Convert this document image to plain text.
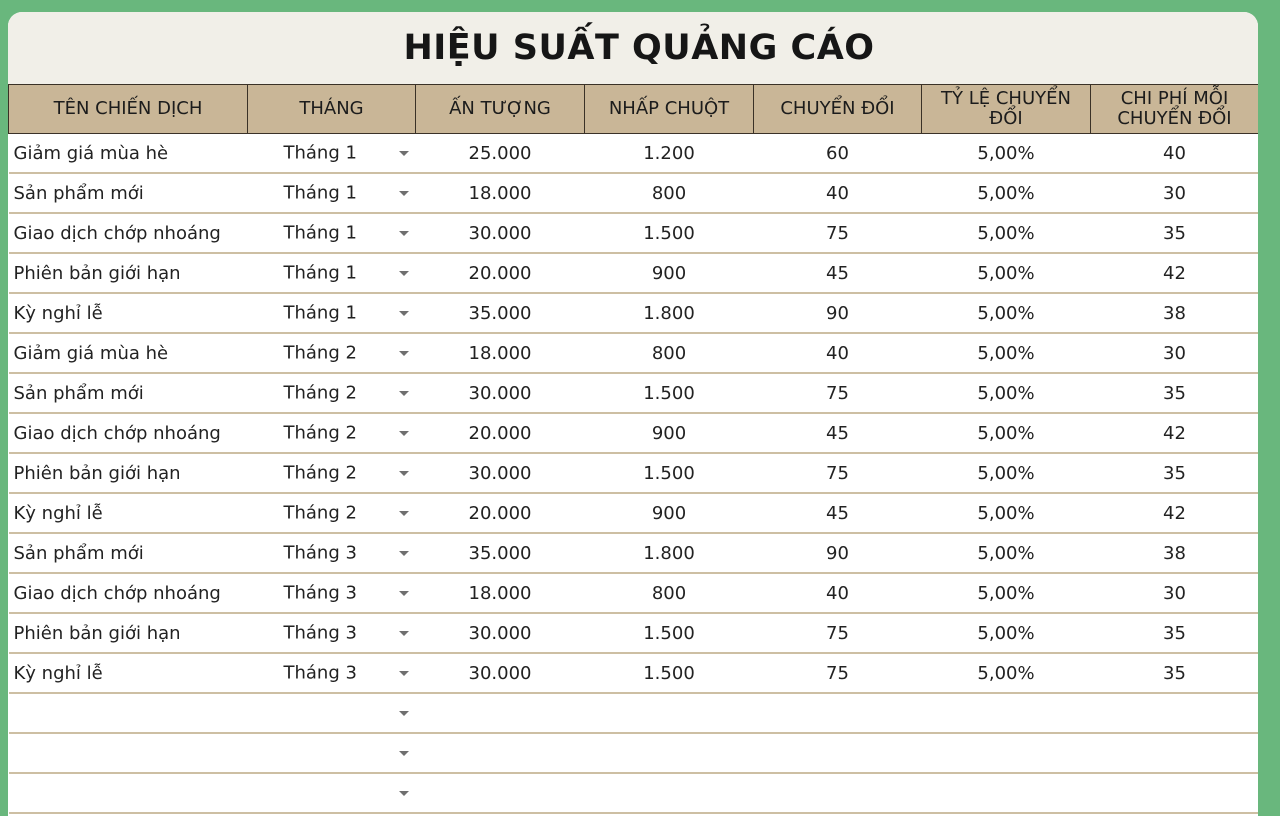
HIỆU SUẤT QUẢNG CÁO
TÊN CHIẾN DỊCH	THÁNG	ẤN TƯỢNG	NHẤP CHUỘT	CHUYỂN ĐỔI	TỶ LỆ CHUYỂN ĐỔI	CHI PHÍ MỖI CHUYỂN ĐỔI
Giảm giá mùa hè	Tháng 1	25.000	1.200	60	5,00%	40
Sản phẩm mới	Tháng 1	18.000	800	40	5,00%	30
Giao dịch chớp nhoáng	Tháng 1	30.000	1.500	75	5,00%	35
Phiên bản giới hạn	Tháng 1	20.000	900	45	5,00%	42
Kỳ nghỉ lễ	Tháng 1	35.000	1.800	90	5,00%	38
Giảm giá mùa hè	Tháng 2	18.000	800	40	5,00%	30
Sản phẩm mới	Tháng 2	30.000	1.500	75	5,00%	35
Giao dịch chớp nhoáng	Tháng 2	20.000	900	45	5,00%	42
Phiên bản giới hạn	Tháng 2	30.000	1.500	75	5,00%	35
Kỳ nghỉ lễ	Tháng 2	20.000	900	45	5,00%	42
Sản phẩm mới	Tháng 3	35.000	1.800	90	5,00%	38
Giao dịch chớp nhoáng	Tháng 3	18.000	800	40	5,00%	30
Phiên bản giới hạn	Tháng 3	30.000	1.500	75	5,00%	35
Kỳ nghỉ lễ	Tháng 3	30.000	1.500	75	5,00%	35
